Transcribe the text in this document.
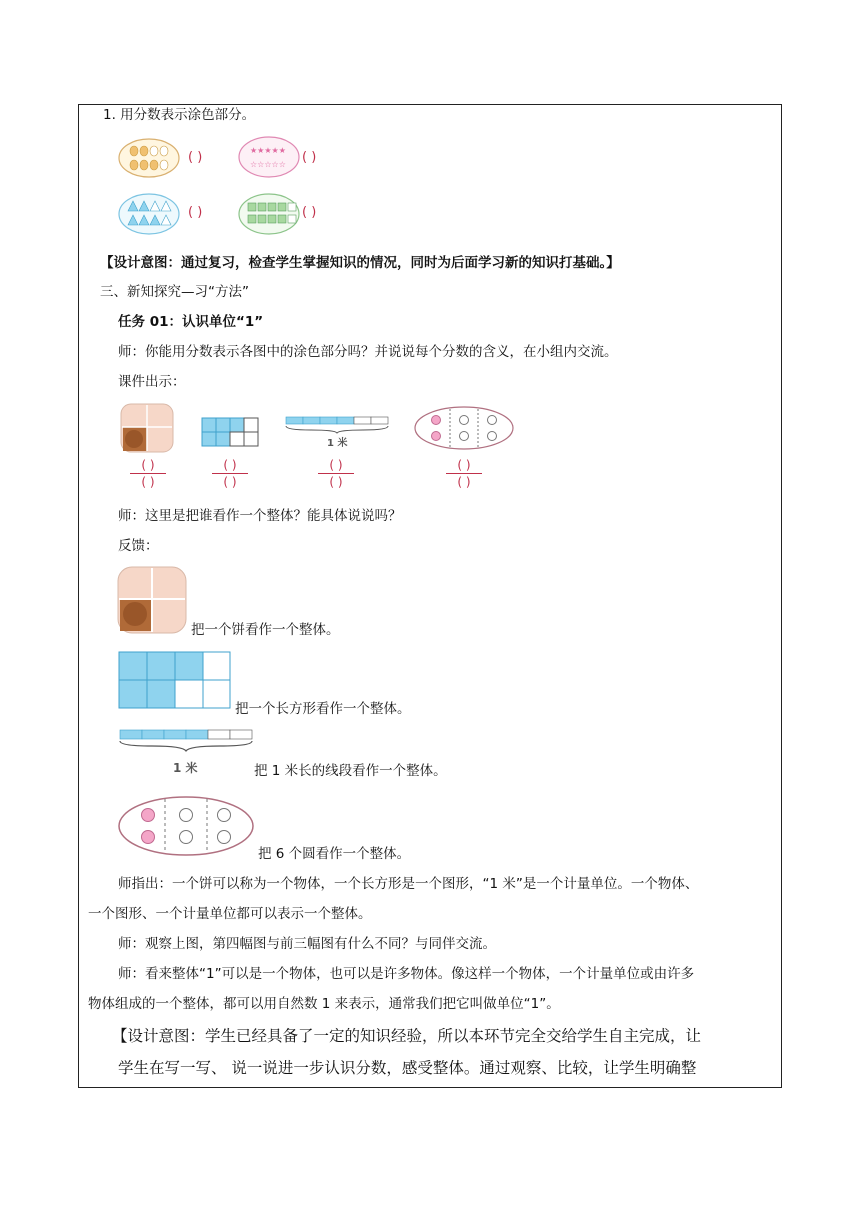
1. 用分数表示涂色部分。
( )	★★★★★
☆☆☆☆☆ ( )
( )	( )
【设计意图：通过复习，检查学生掌握知识的情况，同时为后面学习新的知识打基础。】
三、新知探究—习“方法”
任务 01：认识单位“1”
师：你能用分数表示各图中的涂色部分吗？并说说每个分数的含义，在小组内交流。
课件出示：
1 米
( )
( )
( )
( )
( )
( )
( )
( )
师：这里是把谁看作一个整体？能具体说说吗？
反馈：
把一个饼看作一个整体。
把一个长方形看作一个整体。
1 米	把 1 米长的线段看作一个整体。
把 6 个圆看作一个整体。
师指出：一个饼可以称为一个物体，一个长方形是一个图形，“1 米”是一个计量单位。一个物体、
一个图形、一个计量单位都可以表示一个整体。
师：观察上图，第四幅图与前三幅图有什么不同？与同伴交流。
师：看来整体“1”可以是一个物体，也可以是许多物体。像这样一个物体，一个计量单位或由许多
物体组成的一个整体，都可以用自然数 1 来表示，通常我们把它叫做单位“1”。
【设计意图：学生已经具备了一定的知识经验，所以本环节完全交给学生自主完成，让
学生在写一写、 说一说进一步认识分数，感受整体。通过观察、比较，让学生明确整
